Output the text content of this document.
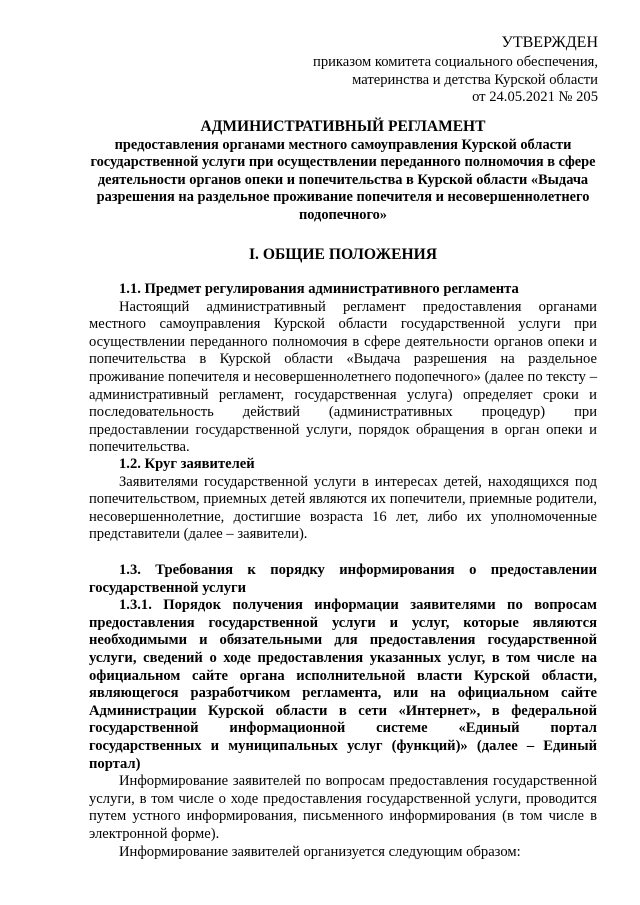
УТВЕРЖДЕН
приказом комитета социального обеспечения,
материнства и детства Курской области
от 24.05.2021 № 205
АДМИНИСТРАТИВНЫЙ РЕГЛАМЕНТ
предоставления органами местного самоуправления Курской области государственной услуги при осуществлении переданного полномочия в сфере деятельности органов опеки и попечительства в Курской области «Выдача разрешения на раздельное проживание попечителя и несовершеннолетнего подопечного»
I. ОБЩИЕ ПОЛОЖЕНИЯ
1.1. Предмет регулирования административного регламента
Настоящий административный регламент предоставления органами местного самоуправления Курской области государственной услуги при осуществлении переданного полномочия в сфере деятельности органов опеки и попечительства в Курской области «Выдача разрешения на раздельное проживание попечителя и несовершеннолетнего подопечного» (далее по тексту – административный регламент, государственная услуга) определяет сроки и последовательность действий (административных процедур) при предоставлении государственной услуги, порядок обращения в орган опеки и попечительства.
1.2. Круг заявителей
Заявителями государственной услуги в интересах детей, находящихся под попечительством, приемных детей являются их попечители, приемные родители, несовершеннолетние, достигшие возраста 16 лет, либо их уполномоченные представители (далее – заявители).
1.3. Требования к порядку информирования о предоставлении государственной услуги
1.3.1. Порядок получения информации заявителями по вопросам предоставления государственной услуги и услуг, которые являются необходимыми и обязательными для предоставления государственной услуги, сведений о ходе предоставления указанных услуг, в том числе на официальном сайте органа исполнительной власти Курской области, являющегося разработчиком регламента, или на официальном сайте Администрации Курской области в сети «Интернет», в федеральной государственной информационной системе «Единый портал государственных и муниципальных услуг (функций)» (далее – Единый портал)
Информирование заявителей по вопросам предоставления государственной услуги, в том числе о ходе предоставления государственной услуги, проводится путем устного информирования, письменного информирования (в том числе в электронной форме).
Информирование заявителей организуется следующим образом:
